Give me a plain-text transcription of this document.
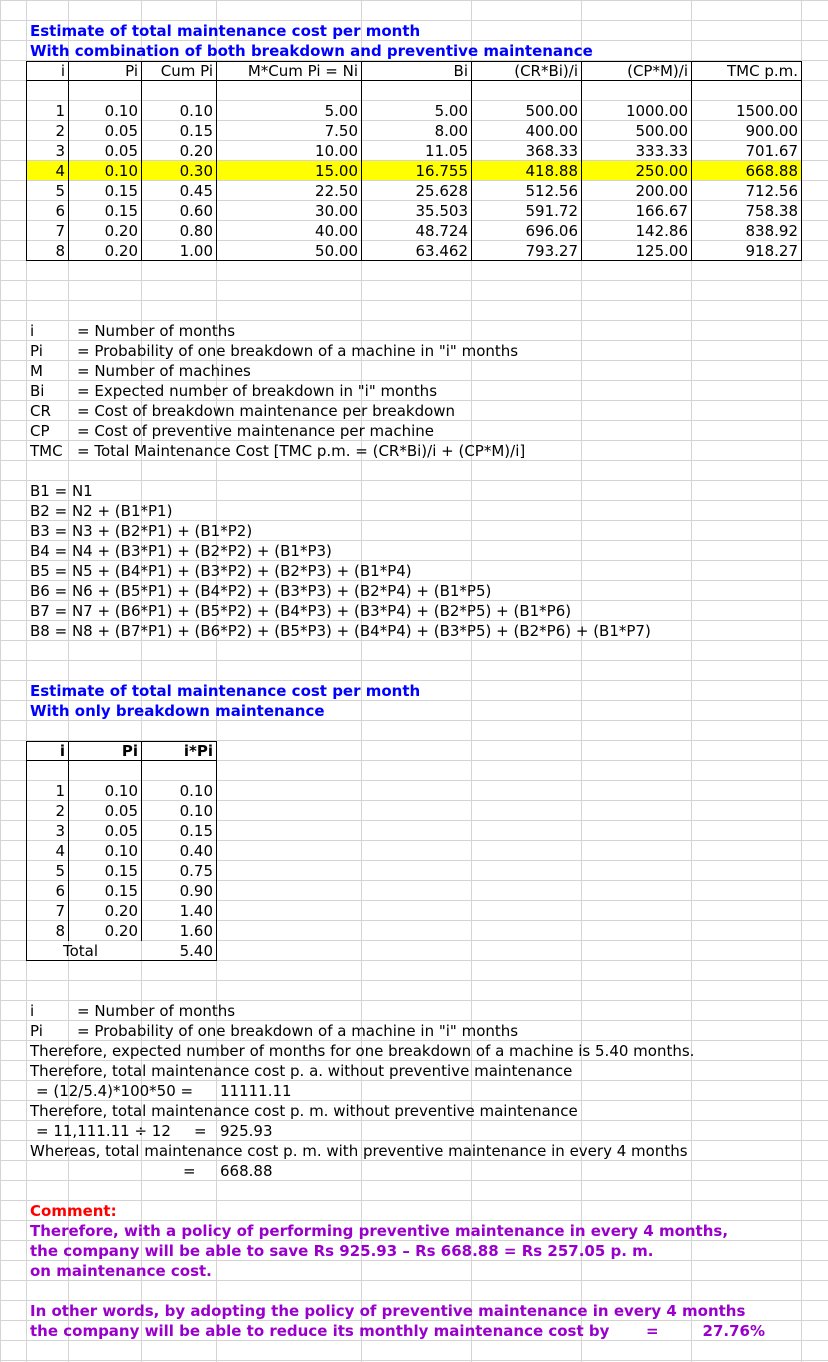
Estimate of total maintenance cost per month
With combination of both breakdown and preventive maintenance
i	Pi	Cum Pi	M*Cum Pi = Ni	Bi	(CR*Bi)/i	(CP*M)/i	TMC p.m.
1	0.10	0.10	5.00	5.00	500.00	1000.00	1500.00
2	0.05	0.15	7.50	8.00	400.00	500.00	900.00
3	0.05	0.20	10.00	11.05	368.33	333.33	701.67
4	0.10	0.30	15.00	16.755	418.88	250.00	668.88
5	0.15	0.45	22.50	25.628	512.56	200.00	712.56
6	0.15	0.60	30.00	35.503	591.72	166.67	758.38
7	0.20	0.80	40.00	48.724	696.06	142.86	838.92
8	0.20	1.00	50.00	63.462	793.27	125.00	918.27
i	= Number of months
Pi = Probability of one breakdown of a machine in "i" months
M = Number of machines
Bi = Expected number of breakdown in "i" months
CR = Cost of breakdown maintenance per breakdown
CP = Cost of preventive maintenance per machine
TMC = Total Maintenance Cost [TMC p.m. = (CR*Bi)/i + (CP*M)/i]
B1 = N1
B2 = N2 + (B1*P1)
B3 = N3 + (B2*P1) + (B1*P2)
B4 = N4 + (B3*P1) + (B2*P2) + (B1*P3)
B5 = N5 + (B4*P1) + (B3*P2) + (B2*P3) + (B1*P4)
B6 = N6 + (B5*P1) + (B4*P2) + (B3*P3) + (B2*P4) + (B1*P5)
B7 = N7 + (B6*P1) + (B5*P2) + (B4*P3) + (B3*P4) + (B2*P5) + (B1*P6)
B8 = N8 + (B7*P1) + (B6*P2) + (B5*P3) + (B4*P4) + (B3*P5) + (B2*P6) + (B1*P7)
Estimate of total maintenance cost per month
With only breakdown maintenance
i	Pi	i*Pi
1	0.10	0.10
2	0.05	0.10
3	0.05	0.15
4	0.10	0.40
5	0.15	0.75
6	0.15	0.90
7	0.20	1.40
8	0.20	1.60
Total	5.40
i	= Number of months
Pi = Probability of one breakdown of a machine in "i" months
Therefore, expected number of months for one breakdown of a machine is 5.40 months.
Therefore, total maintenance cost p. a. without preventive maintenance
= (12/5.4)*100*50 = 11111.11
Therefore, total maintenance cost p. m. without preventive maintenance
= 11,111.11 ÷ 12 = 925.93
Whereas, total maintenance cost p. m. with preventive maintenance in every 4 months
= 668.88
Comment:
Therefore, with a policy of performing preventive maintenance in every 4 months,
the company will be able to save Rs 925.93 – Rs 668.88 = Rs 257.05 p. m.
on maintenance cost.
In other words, by adopting the policy of preventive maintenance in every 4 months
the company will be able to reduce its monthly maintenance cost by =	27.76%
